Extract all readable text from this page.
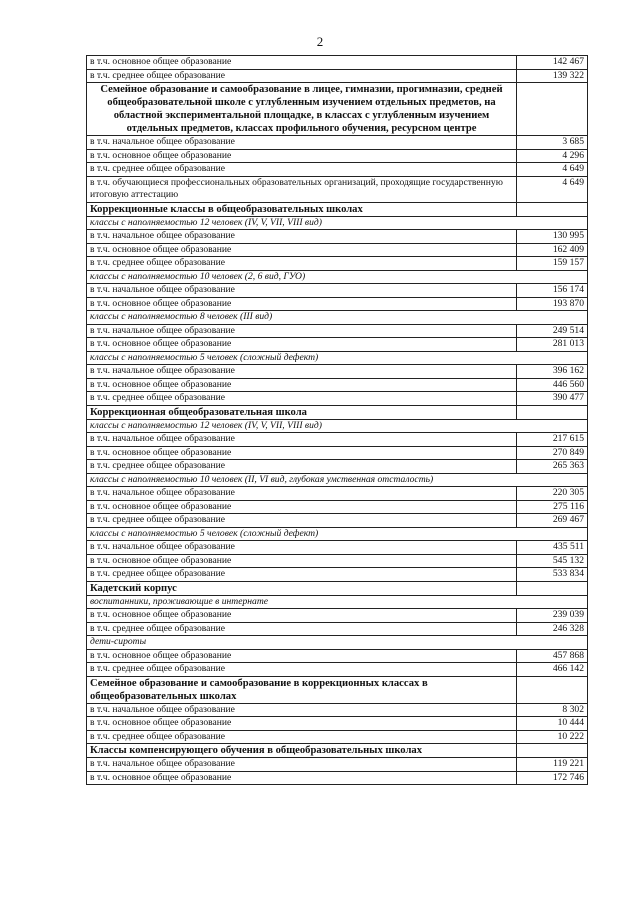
2
в т.ч. основное общее образование	142 467
в т.ч. среднее общее образование	139 322
Семейное образование и самообразование в лицее, гимназии, прогимназии, средней общеобразовательной школе с углубленным изучением отдельных предметов, на областной экспериментальной площадке, в классах с углубленным изучением отдельных предметов, классах профильного обучения, ресурсном центре	
в т.ч. начальное общее образование	3 685
в т.ч. основное общее образование	4 296
в т.ч. среднее общее образование	4 649
в т.ч. обучающиеся профессиональных образовательных организаций, проходящие государственную итоговую аттестацию	4 649
Коррекционные классы в общеобразовательных школах	
классы с наполняемостью 12 человек (IV, V, VII, VIII вид)	
в т.ч. начальное общее образование	130 995
в т.ч. основное общее образование	162 409
в т.ч. среднее общее образование	159 157
классы с наполняемостью 10 человек (2, 6 вид, ГУО)	
в т.ч. начальное общее образование	156 174
в т.ч. основное общее образование	193 870
классы с наполняемостью 8 человек (III вид)	
в т.ч. начальное общее образование	249 514
в т.ч. основное общее образование	281 013
классы с наполняемостью 5 человек (сложный дефект)	
в т.ч. начальное общее образование	396 162
в т.ч. основное общее образование	446 560
в т.ч. среднее общее образование	390 477
Коррекционная общеобразовательная школа	
классы с наполняемостью 12 человек (IV, V, VII, VIII вид)	
в т.ч. начальное общее образование	217 615
в т.ч. основное общее образование	270 849
в т.ч. среднее общее образование	265 363
классы с наполняемостью 10 человек (II, VI вид, глубокая умственная отсталость)	
в т.ч. начальное общее образование	220 305
в т.ч. основное общее образование	275 116
в т.ч. среднее общее образование	269 467
классы с наполняемостью 5 человек (сложный дефект)	
в т.ч. начальное общее образование	435 511
в т.ч. основное общее образование	545 132
в т.ч. среднее общее образование	533 834
Кадетский корпус	
воспитанники, проживающие в интернате	
в т.ч. основное общее образование	239 039
в т.ч. среднее общее образование	246 328
дети-сироты	
в т.ч. основное общее образование	457 868
в т.ч. среднее общее образование	466 142
Семейное образование и самообразование в коррекционных классах в общеобразовательных школах	
в т.ч. начальное общее образование	8 302
в т.ч. основное общее образование	10 444
в т.ч. среднее общее образование	10 222
Классы компенсирующего обучения в общеобразовательных школах	
в т.ч. начальное общее образование	119 221
в т.ч. основное общее образование	172 746
